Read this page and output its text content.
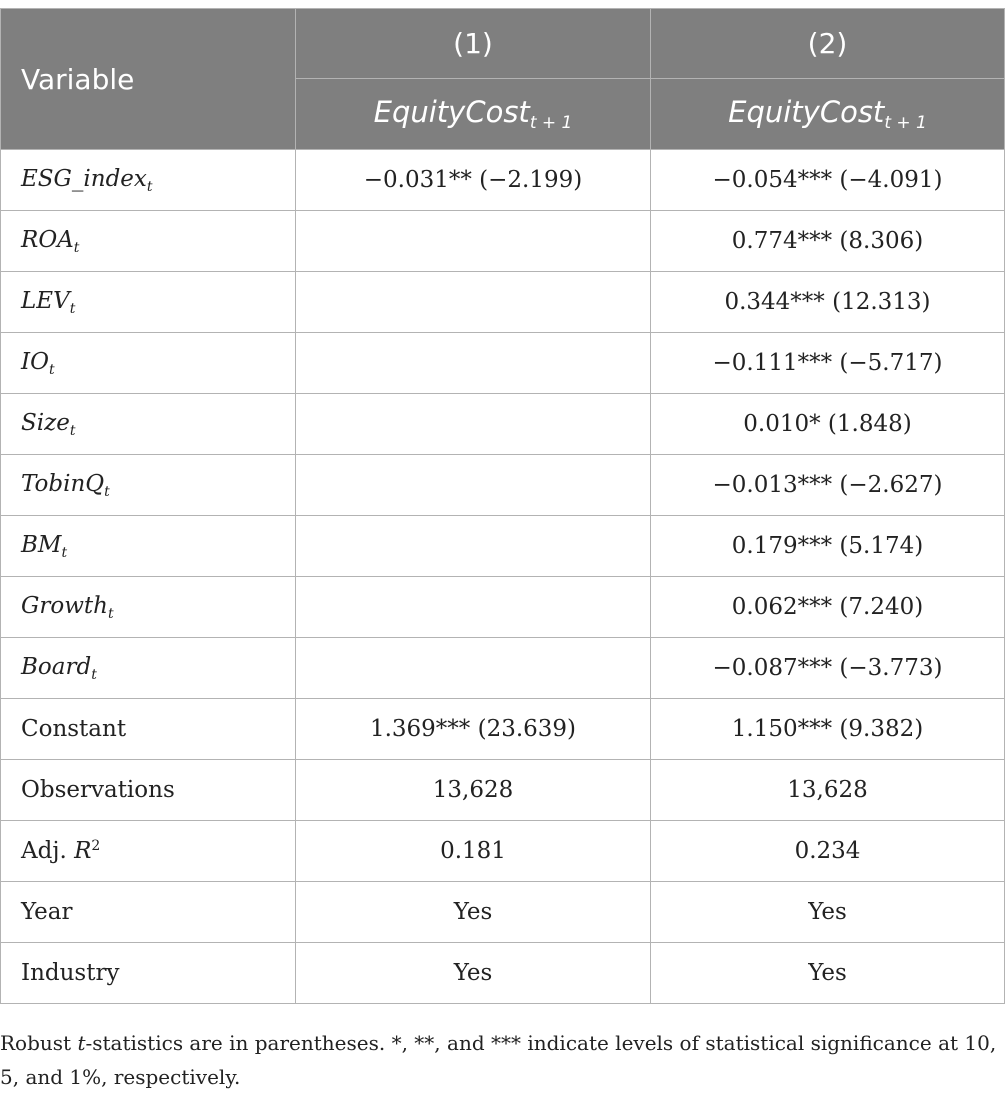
Variable	(1)	(2)
	EquityCost$_{t + 1}$	EquityCost$_{t + 1}$
ESG_index$_t$	−0.031** (−2.199)	−0.054*** (−4.091)
$ROA_t$		0.774*** (8.306)
$LEV_t$		0.344*** (12.313)
$IO_t$		−0.111*** (−5.717)
Size$_t$		0.010* (1.848)
TobinQ$_t$		−0.013*** (−2.627)
$BM_t$		0.179*** (5.174)
Growth$_t$		0.062*** (7.240)
Board$_t$		−0.087*** (−3.773)
Constant	1.369*** (23.639)	1.150*** (9.382)
Observations	13,628	13,628
Adj. $R^2$	0.181	0.234
Year	Yes	Yes
Industry	Yes	Yes
Robust t-statistics are in parentheses. *, **, and *** indicate levels of statistical significance at 10, 5, and 1%, respectively.
